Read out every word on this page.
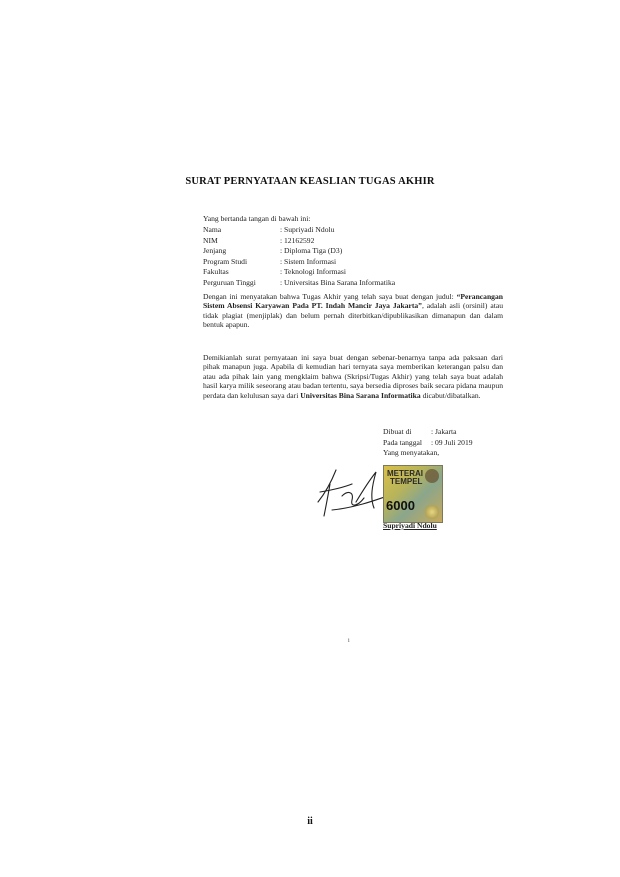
SURAT PERNYATAAN KEASLIAN TUGAS AKHIR
Yang bertanda tangan di bawah ini:
Nama	: Supriyadi Ndolu
NIM	: 12162592
Jenjang	: Diploma Tiga (D3)
Program Studi	: Sistem Informasi
Fakultas	: Teknologi Informasi
Perguruan Tinggi	: Universitas Bina Sarana Informatika
Dengan ini menyatakan bahwa Tugas Akhir yang telah saya buat dengan judul: “Perancangan Sistem Absensi Karyawan Pada PT. Indah Mancir Jaya Jakarta”, adalah asli (orsinil) atau tidak plagiat (menjiplak) dan belum pernah diterbitkan/dipublikasikan dimanapun dan dalam bentuk apapun.
Demikianlah surat pernyataan ini saya buat dengan sebenar-benarnya tanpa ada paksaan dari pihak manapun juga. Apabila di kemudian hari ternyata saya memberikan keterangan palsu dan atau ada pihak lain yang mengklaim bahwa (Skripsi/Tugas Akhir) yang telah saya buat adalah hasil karya milik seseorang atau badan tertentu, saya bersedia diproses baik secara pidana maupun perdata dan kelulusan saya dari Universitas Bina Sarana Informatika dicabut/dibatalkan.
Dibuat di	: Jakarta
Pada tanggal	: 09 Juli 2019
Yang menyatakan,
METERAI
TEMPEL
6000
Supriyadi Ndolu
i
ii
